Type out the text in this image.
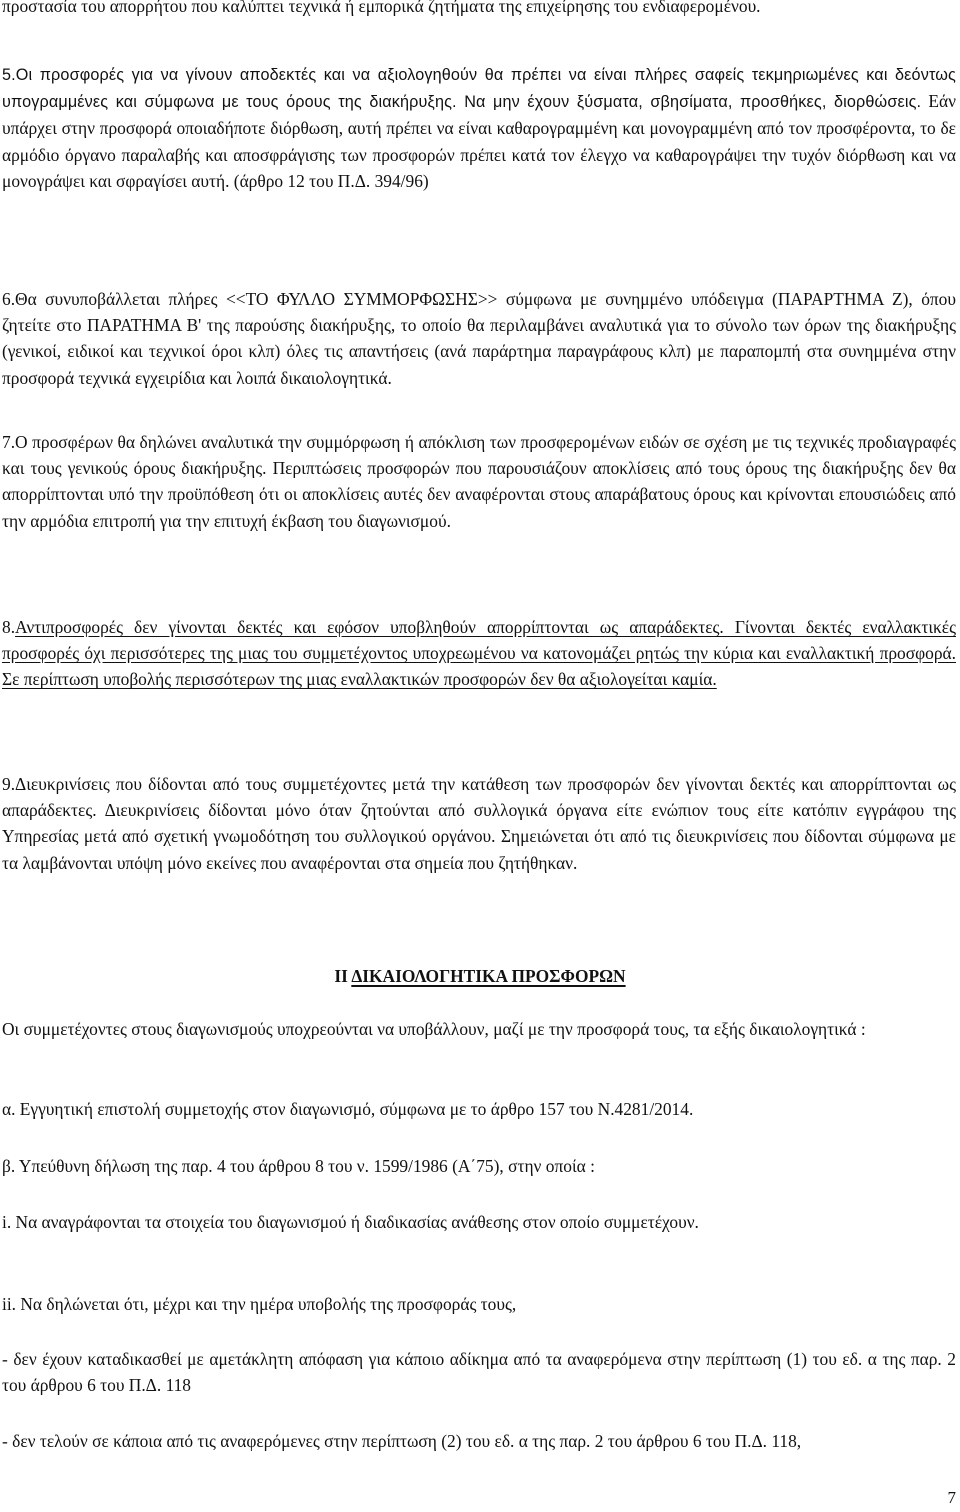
προστασία του απορρήτου που καλύπτει τεχνικά ή εμπορικά ζητήματα της επιχείρησης του ενδιαφερομένου.
5.Οι προσφορές για να γίνουν αποδεκτές και να αξιολογηθούν θα πρέπει να είναι πλήρες σαφείς τεκμηριωμένες και δεόντως υπογραμμένες και σύμφωνα με τους όρους της διακήρυξης. Να μην έχουν ξύσματα, σβησίματα, προσθήκες, διορθώσεις. Εάν υπάρχει στην προσφορά οποιαδήποτε διόρθωση, αυτή πρέπει να είναι καθαρογραμμένη και μονογραμμένη από τον προσφέροντα, το δε αρμόδιο όργανο παραλαβής και αποσφράγισης των προσφορών πρέπει κατά τον έλεγχο να καθαρογράψει την τυχόν διόρθωση και να μονογράψει και σφραγίσει αυτή. (άρθρο 12 του Π.Δ. 394/96)
6.Θα συνυποβάλλεται πλήρες <<ΤΟ ΦΥΛΛΟ ΣΥΜΜΟΡΦΩΣΗΣ>> σύμφωνα με συνημμένο υπόδειγμα (ΠΑΡΑΡΤΗΜΑ Ζ), όπου ζητείτε στο ΠΑΡΑΤΗΜΑ Β' της παρούσης διακήρυξης, το οποίο θα περιλαμβάνει αναλυτικά για το σύνολο των όρων της διακήρυξης (γενικοί, ειδικοί και τεχνικοί όροι κλπ) όλες τις απαντήσεις (ανά παράρτημα παραγράφους κλπ) με παραπομπή στα συνημμένα στην προσφορά τεχνικά εγχειρίδια και λοιπά δικαιολογητικά.
7.Ο προσφέρων θα δηλώνει αναλυτικά την συμμόρφωση ή απόκλιση των προσφερομένων ειδών σε σχέση με τις τεχνικές προδιαγραφές και τους γενικούς όρους διακήρυξης. Περιπτώσεις προσφορών που παρουσιάζουν αποκλίσεις από τους όρους της διακήρυξης δεν θα απορρίπτονται υπό την προϋπόθεση ότι οι αποκλίσεις αυτές δεν αναφέρονται στους απαράβατους όρους και κρίνονται επουσιώδεις από την αρμόδια επιτροπή για την επιτυχή έκβαση του διαγωνισμού.
8.Αντιπροσφορές δεν γίνονται δεκτές και εφόσον υποβληθούν απορρίπτονται ως απαράδεκτες. Γίνονται δεκτές εναλλακτικές προσφορές όχι περισσότερες της μιας του συμμετέχοντος υποχρεωμένου να κατονομάζει ρητώς την κύρια και εναλλακτική προσφορά. Σε περίπτωση υποβολής περισσότερων της μιας εναλλακτικών προσφορών δεν θα αξιολογείται καμία.
9.Διευκρινίσεις που δίδονται από τους συμμετέχοντες μετά την κατάθεση των προσφορών δεν γίνονται δεκτές και απορρίπτονται ως απαράδεκτες. Διευκρινίσεις δίδονται μόνο όταν ζητούνται από συλλογικά όργανα είτε ενώπιον τους είτε κατόπιν εγγράφου της Υπηρεσίας μετά από σχετική γνωμοδότηση του συλλογικού οργάνου. Σημειώνεται ότι από τις διευκρινίσεις που δίδονται σύμφωνα με τα λαμβάνονται υπόψη μόνο εκείνες που αναφέρονται στα σημεία που ζητήθηκαν.
ΙΙ ΔΙΚΑΙΟΛΟΓΗΤΙΚΑ ΠΡΟΣΦΟΡΩΝ
Οι συμμετέχοντες στους διαγωνισμούς υποχρεούνται να υποβάλλουν, μαζί με την προσφορά τους, τα εξής δικαιολογητικά :
α. Εγγυητική επιστολή συμμετοχής στον διαγωνισμό, σύμφωνα με το άρθρο 157 του Ν.4281/2014.
β. Υπεύθυνη δήλωση της παρ. 4 του άρθρου 8 του ν. 1599/1986 (Α΄75), στην οποία :
i. Να αναγράφονται τα στοιχεία του διαγωνισμού ή διαδικασίας ανάθεσης στον οποίο συμμετέχουν.
ii. Να δηλώνεται ότι, μέχρι και την ημέρα υποβολής της προσφοράς τους,
- δεν έχουν καταδικασθεί με αμετάκλητη απόφαση για κάποιο αδίκημα από τα αναφερόμενα στην περίπτωση (1) του εδ. α της παρ. 2 του άρθρου 6 του Π.Δ. 118
- δεν τελούν σε κάποια από τις αναφερόμενες στην περίπτωση (2) του εδ. α της παρ. 2 του άρθρου 6 του Π.Δ. 118,
7
